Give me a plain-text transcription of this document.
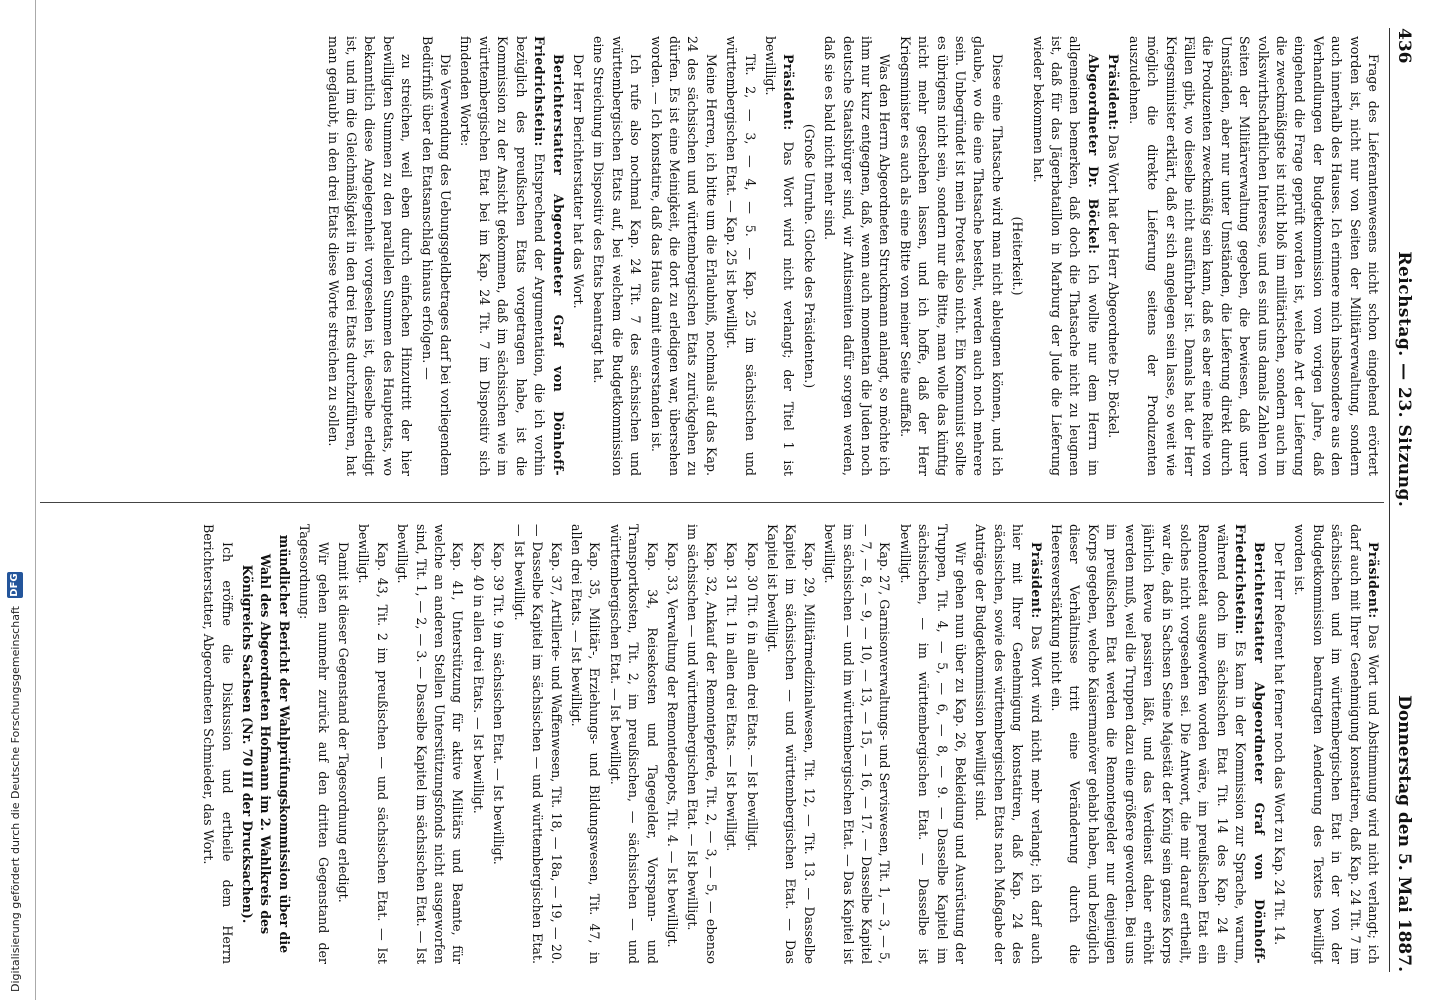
436
Reichstag. — 23. Sitzung.
Donnerstag den 5. Mai 1887.

Frage des Lieferantenwesens nicht schon eingehend erörtert worden ist, nicht nur von Seiten der Militärverwaltung, sondern auch innerhalb des Hauses. Ich erinnere mich insbesondere aus den Verhandlungen der Budgetkommission vom vorigen Jahre, daß eingehend die Frage geprüft worden ist, welche Art der Lieferung die zweckmäßigste ist nicht bloß im militärischen, sondern auch im volkswirthschaftlichen Interesse, und es sind uns damals Zahlen von Seiten der Militärverwaltung gegeben, die bewiesen, daß unter Umständen, aber nur unter Umständen, die Lieferung direkt durch die Produzenten zweckmäßig sein kann, daß es aber eine Reihe von Fällen gibt, wo dieselbe nicht ausführbar ist. Damals hat der Herr Kriegsminister erklärt, daß er sich angelegen sein lasse, so weit wie möglich die direkte Lieferung seitens der Produzenten auszudehnen.

Präsident: Das Wort hat der Herr Abgeordnete Dr. Böckel.

Abgeordneter Dr. Böckel: Ich wollte nur dem Herrn im allgemeinen bemerken, daß doch die Thatsache nicht zu leugnen ist, daß für das Jägerbataillon in Marburg der Jude die Lieferung wieder bekommen hat.

(Heiterkeit.)

Diese eine Thatsache wird man nicht ableugnen können, und ich glaube, wo die eine Thatsache besteht, werden auch noch mehrere sein. Unbegründet ist mein Protest also nicht. Ein Kommunist sollte es übrigens nicht sein, sondern nur die Bitte, man wolle das künftig nicht mehr geschehen lassen, und ich hoffe, daß der Herr Kriegsminister es auch als eine Bitte von meiner Seite auffaßt.

Was den Herrn Abgeordneten Struckmann anlangt, so möchte ich ihm nur kurz entgegnen, daß, wenn auch momentan die Juden noch deutsche Staatsbürger sind, wir Antisemiten dafür sorgen werden, daß sie es bald nicht mehr sind.

(Große Unruhe. Glocke des Präsidenten.)

Präsident: Das Wort wird nicht verlangt; der Titel 1 ist bewilligt.

Tit. 2, — 3, — 4, — 5. — Kap. 25 im sächsischen und württembergischen Etat. — Kap. 25 ist bewilligt.

Meine Herren, ich bitte um die Erlaubniß, nochmals auf das Kap. 24 des sächsischen und württembergischen Etats zurückgehen zu dürfen. Es ist eine Meinigkeit, die dort zu erledigen war, übersehen worden. — Ich konstatire, daß das Haus damit einverstanden ist.

Ich rufe also nochmal Kap. 24 Tit. 7 des sächsischen und württembergischen Etats auf, bei welchem die Budgetkommission eine Streichung im Dispositiv des Etats beantragt hat.

Der Herr Berichterstatter hat das Wort.

Berichterstatter Abgeordneter Graf von Dönhoff-Friedrichstein: Entsprechend der Argumentation, die ich vorhin bezüglich des preußischen Etats vorgetragen habe, ist die Kommission zu der Ansicht gekommen, daß im sächsischen wie im württembergischen Etat bei im Kap. 24 Tit. 7 im Dispositiv sich findenden Worte:

Die Verwendung des Uebungsgeldbetrages darf bei vorliegendem Bedürfniß über den Etatsanschlag hinaus erfolgen. —

zu streichen, weil eben durch einfachen Hinzutritt der hier bewilligten Summen zu den parallelen Summen des Hauptetats, wo bekanntlich diese Angelegenheit vorgesehen ist, dieselbe erledigt ist, und im die Gleichmäßigkeit in den drei Etats durchzuführen, hat man geglaubt, in den drei Etats diese Worte streichen zu sollen.

Präsident: Das Wort und Abstimmung wird nicht verlangt; ich darf auch mit Ihrer Genehmigung konstatiren, daß Kap. 24 Tit. 7 im sächsischen und im württembergischen Etat in der von der Budgetkommission beantragten Aenderung des Textes bewilligt worden ist.

Der Herr Referent hat ferner noch das Wort zu Kap. 24 Tit. 14.

Berichterstatter Abgeordneter Graf von Dönhoff-Friedrichstein: Es kam in der Kommission zur Sprache, warum, während doch im sächsischen Etat Tit. 14 des Kap. 24 ein Remonteetat ausgeworfen worden wäre, im preußischen Etat ein solches nicht vorgesehen sei. Die Antwort, die mir darauf ertheilt, war die, daß in Sachsen Seine Majestät der König sein ganzes Korps jährlich Revue passiren läßt, und das Verdienst daher erhöht werden muß, weil die Truppen dazu eine größere geworden. Bei uns im preußischen Etat werden die Remontegelder nur denjenigen Korps gegeben, welche Kaisermanöver gehabt haben, und bezüglich dieser Verhältnisse tritt eine Veränderung durch die Heeresverstärkung nicht ein.

Präsident: Das Wort wird nicht mehr verlangt; ich darf auch hier mit Ihrer Genehmigung konstatiren, daß Kap. 24 des sächsischen, sowie des württembergischen Etats nach Maßgabe der Anträge der Budgetkommission bewilligt sind.

Wir gehen nun über zu Kap. 26, Bekleidung und Ausrüstung der Truppen, Tit. 4, — 5, — 6, — 8, — 9. — Dasselbe Kapitel im sächsischen, — im württembergischen Etat. — Dasselbe ist bewilligt.

Kap. 27, Garnisonverwaltungs- und Serviswesen, Tit. 1, — 3, — 5, — 7, — 8, — 9, — 10, — 13, — 15, — 16, — 17. — Dasselbe Kapitel im sächsischen — und im württembergischen Etat. — Das Kapitel ist bewilligt.

Kap. 29, Militärmedizinalwesen, Tit. 12, — Tit. 13. — Dasselbe Kapitel im sächsischen — und württembergischen Etat. — Das Kapitel ist bewilligt.

Kap. 30 Tit. 6 in allen drei Etats. — Ist bewilligt.

Kap. 31 Tit. 1 in allen drei Etats. — Ist bewilligt.

Kap. 32, Ankauf der Remontepferde, Tit. 2, — 3, — 5, — ebenso im sächsischen — und württembergischen Etat. — Ist bewilligt.

Kap. 33, Verwaltung der Remontedepots, Tit. 4. — Ist bewilligt.

Kap. 34, Reisekosten und Tagegelder, Vorspann- und Transportkosten, Tit. 2, im preußischen, — sächsischen — und württembergischen Etat. — Ist bewilligt.

Kap. 35, Militär-, Erziehungs- und Bildungswesen, Tit. 47, in allen drei Etats. — Ist bewilligt.

Kap. 37, Artillerie- und Waffenwesen, Tit. 18, — 18a, — 19, — 20. — Dasselbe Kapitel im sächsischen — und württembergischen Etat. — Ist bewilligt.

Kap. 39 Tit. 9 im sächsischen Etat. — Ist bewilligt.

Kap. 40 in allen drei Etats. — Ist bewilligt.

Kap. 41, Unterstützung für aktive Militärs und Beamte, für welche an anderen Stellen Unterstützungsfonds nicht ausgeworfen sind, Tit. 1, — 2, — 3. — Dasselbe Kapitel im sächsischen Etat. — Ist bewilligt.

Kap. 43, Tit. 2 im preußischen — und sächsischen Etat. — Ist bewilligt.

Damit ist dieser Gegenstand der Tagesordnung erledigt.

Wir gehen nunmehr zurück auf den dritten Gegenstand der Tagesordnung:

mündlicher Bericht der Wahlprüfungskommission über die Wahl des Abgeordneten Hofmann im 2. Wahlkreis des Königreichs Sachsen (Nr. 70 III der Drucksachen).

Ich eröffne die Diskussion und ertheile dem Herrn Berichterstatter, Abgeordneten Schmieder, das Wort.

Digitalisierung gefördert durch die Deutsche Forschungsgemeinschaft
DFG
